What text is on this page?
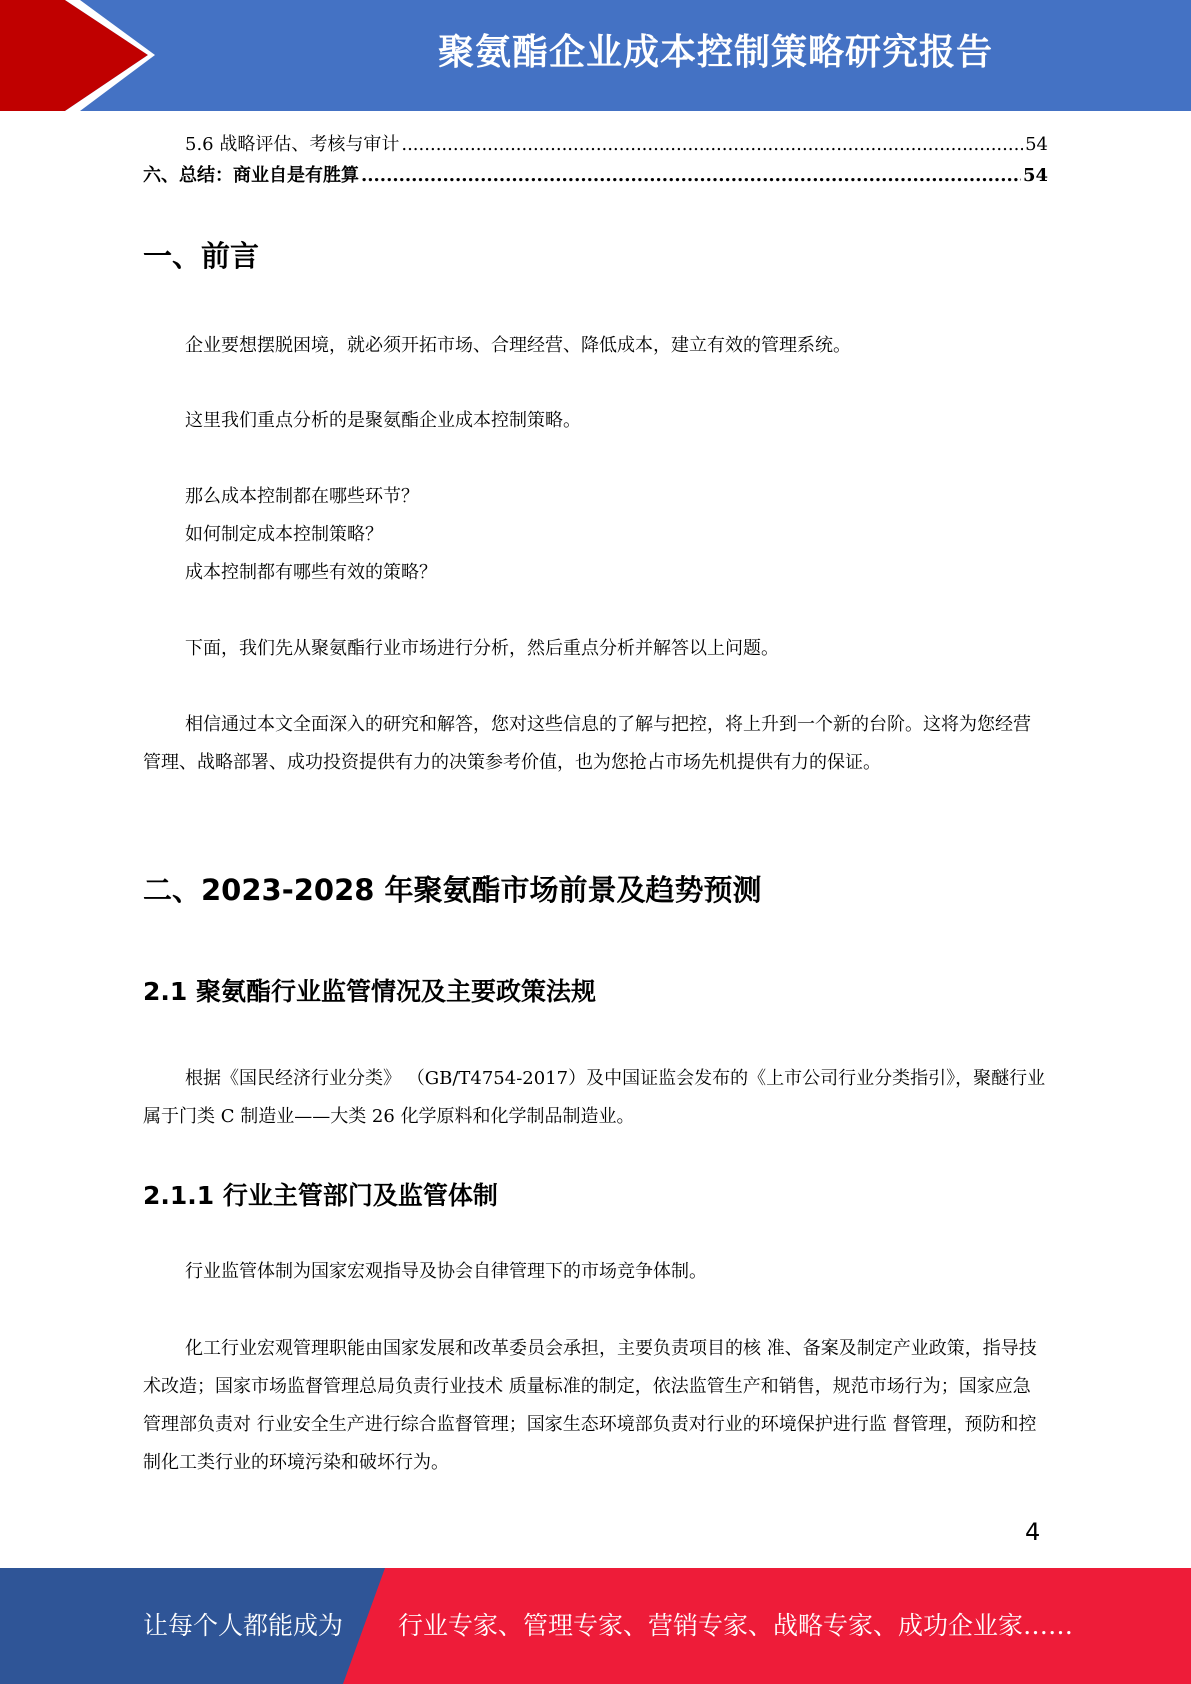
聚氨酯企业成本控制策略研究报告
5.6 战略评估、考核与审计 .....	54
六、总结：商业自是有胜算 .....	54
一、前言

企业要想摆脱困境，就必须开拓市场、合理经营、降低成本，建立有效的管理系统。

这里我们重点分析的是聚氨酯企业成本控制策略。

那么成本控制都在哪些环节？

如何制定成本控制策略？

成本控制都有哪些有效的策略？

下面，我们先从聚氨酯行业市场进行分析，然后重点分析并解答以上问题。

相信通过本文全面深入的研究和解答，您对这些信息的了解与把控，将上升到一个新的台阶。这将为您经营管理、战略部署、成功投资提供有力的决策参考价值，也为您抢占市场先机提供有力的保证。

二、2023-2028 年聚氨酯市场前景及趋势预测
2.1 聚氨酯行业监管情况及主要政策法规

根据《国民经济行业分类》 （GB/T4754-2017）及中国证监会发布的《上市公司行业分类指引》，聚醚行业属于门类 C 制造业——大类 26 化学原料和化学制品制造业。

2.1.1 行业主管部门及监管体制

行业监管体制为国家宏观指导及协会自律管理下的市场竞争体制。

化工行业宏观管理职能由国家发展和改革委员会承担，主要负责项目的核 准、备案及制定产业政策，指导技术改造；国家市场监督管理总局负责行业技术 质量标准的制定，依法监管生产和销售，规范市场行为；国家应急管理部负责对 行业安全生产进行综合监督管理；国家生态环境部负责对行业的环境保护进行监 督管理，预防和控制化工类行业的环境污染和破坏行为。

4
让每个人都能成为 行业专家、管理专家、营销专家、战略专家、成功企业家……
